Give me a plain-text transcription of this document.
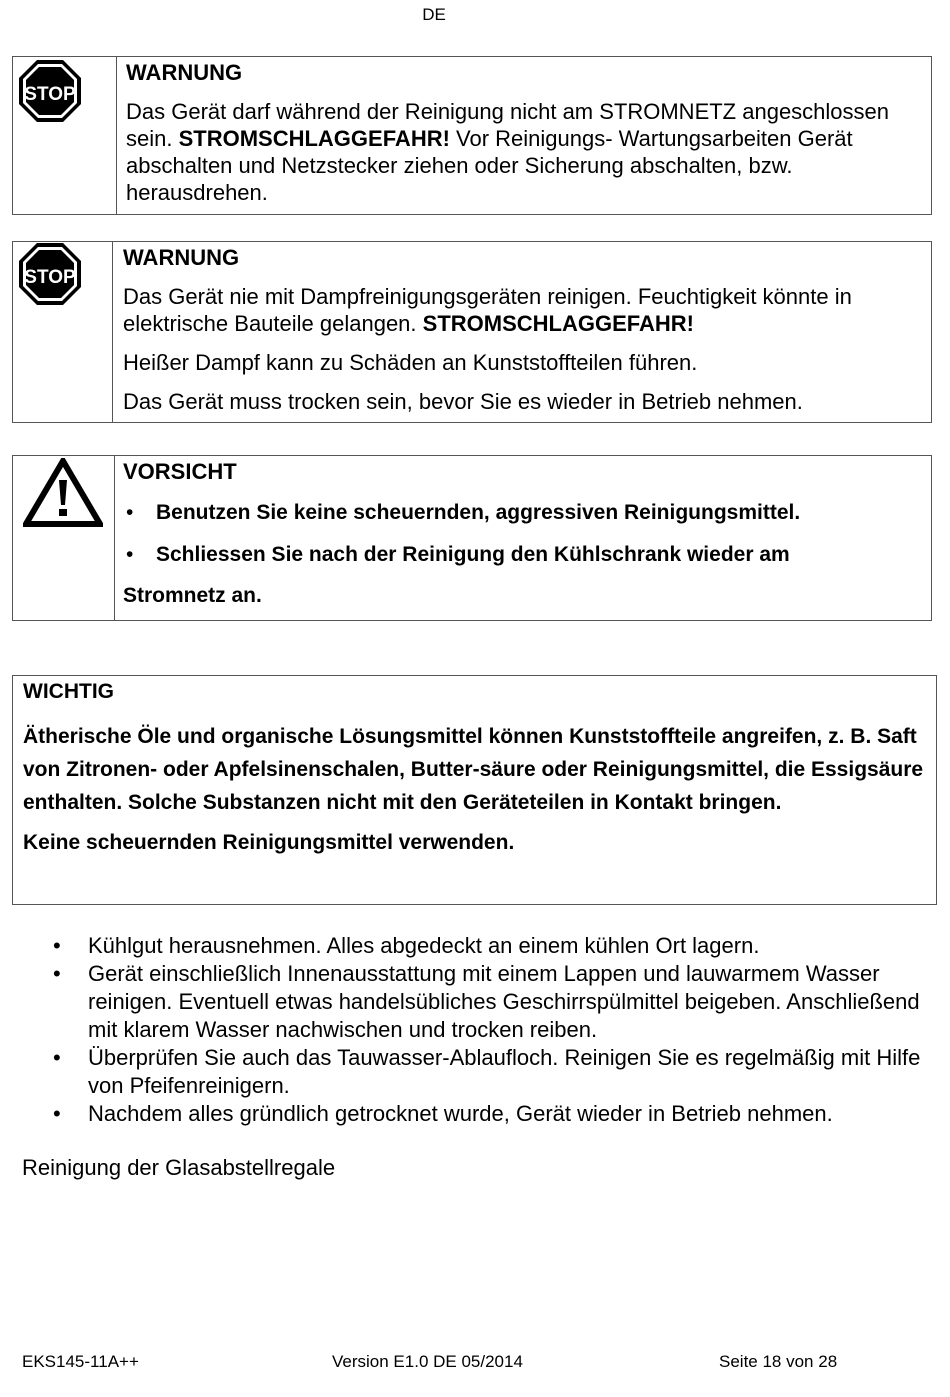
DE
STOP

WARNUNG

Das Gerät darf während der Reinigung nicht am STROMNETZ angeschlossen sein. STROMSCHLAGGEFAHR! Vor Reinigungs- Wartungsarbeiten Gerät abschalten und Netzstecker ziehen oder Sicherung abschalten, bzw. herausdrehen.

STOP

WARNUNG

Das Gerät nie mit Dampfreinigungsgeräten reinigen. Feuchtigkeit könnte in elektrische Bauteile gelangen. STROMSCHLAGGEFAHR!

Heißer Dampf kann zu Schäden an Kunststoffteilen führen.

Das Gerät muss trocken sein, bevor Sie es wieder in Betrieb nehmen.

VORSICHT

• Benutzen Sie keine scheuernden, aggressiven Reinigungsmittel.
• Schliessen Sie nach der Reinigung den Kühlschrank wieder am

Stromnetz an.

WICHTIG

Ätherische Öle und organische Lösungsmittel können Kunststoffteile angreifen, z. B. Saft von Zitronen- oder Apfelsinenschalen, Butter-säure oder Reinigungsmittel, die Essigsäure enthalten. Solche Substanzen nicht mit den Geräteteilen in Kontakt bringen.

Keine scheuernden Reinigungsmittel verwenden.

• Kühlgut herausnehmen. Alles abgedeckt an einem kühlen Ort lagern.
• Gerät einschließlich Innenausstattung mit einem Lappen und lauwarmem Wasser reinigen. Eventuell etwas handelsübliches Geschirrspülmittel beigeben. Anschließend mit klarem Wasser nachwischen und trocken reiben.
• Überprüfen Sie auch das Tauwasser-Ablaufloch. Reinigen Sie es regelmäßig mit Hilfe von Pfeifenreinigern.
• Nachdem alles gründlich getrocknet wurde, Gerät wieder in Betrieb nehmen.
Reinigung der Glasabstellregale
EKS145-11A++	Version E1.0 DE 05/2014	Seite 18 von 28
